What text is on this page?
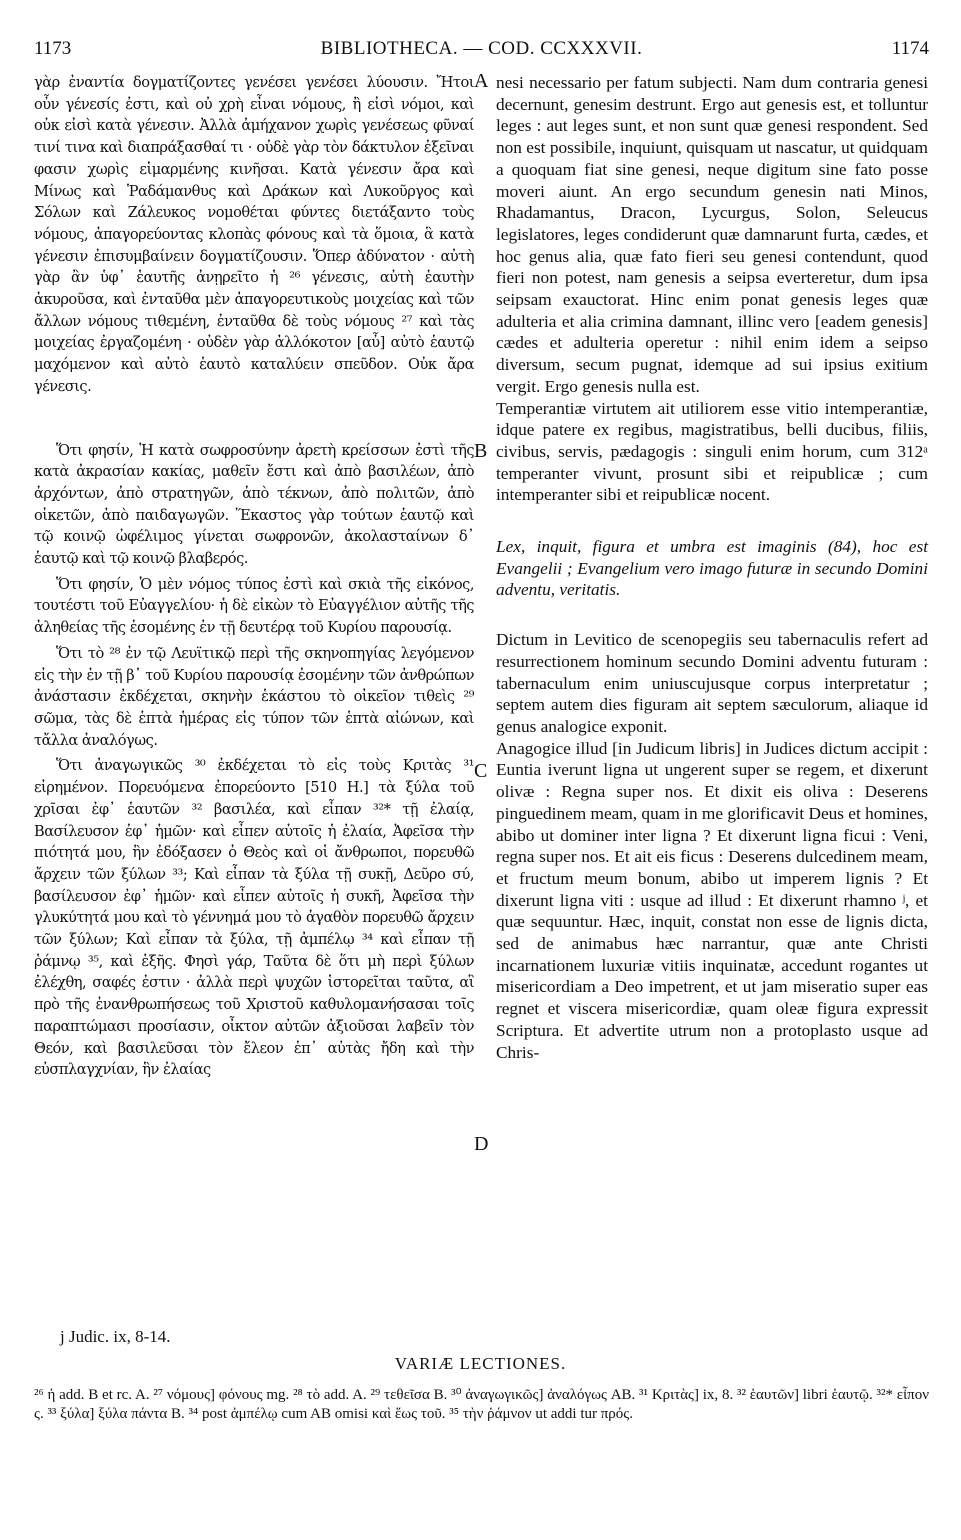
1173	BIBLIOTHECA. — COD. CCXXXVII.	1174

γὰρ ἐναντία δογματίζοντες γενέσει γενέσει λύουσιν. Ἤτοι οὖν γένεσίς ἐστι, καὶ οὐ χρὴ εἶναι νόμους, ἢ εἰσὶ νόμοι, καὶ οὐκ εἰσὶ κατὰ γένεσιν. Ἀλλὰ ἀμήχανον χωρὶς γενέσεως φῦναί τινί τινα καὶ διαπράξασθαί τι · οὐδὲ γὰρ τὸν δάκτυλον ἐξεῖναι φασιν χωρὶς εἱμαρμένης κινῆσαι. Κατὰ γένεσιν ἄρα καὶ Μίνως καὶ Ῥαδάμανθυς καὶ Δράκων καὶ Λυκοῦργος καὶ Σόλων καὶ Ζάλευκος νομοθέται φύντες διετάξαντο τοὺς νόμους, ἀπαγορεύοντας κλοπὰς φόνους καὶ τὰ ὅμοια, ἃ κατὰ γένεσιν ἐπισυμβαίνειν δογματίζουσιν. Ὅπερ ἀδύνατον · αὐτὴ γὰρ ἂν ὑφ᾽ ἑαυτῆς ἀνῃρεῖτο ἡ ²⁶ γένεσις, αὐτὴ ἑαυτὴν ἀκυροῦσα, καὶ ἐνταῦθα μὲν ἀπαγορευτικοὺς μοιχείας καὶ τῶν ἄλλων νόμους τιθεμένη, ἐνταῦθα δὲ τοὺς νόμους ²⁷ καὶ τὰς μοιχείας ἐργαζομένη · οὐδὲν γὰρ ἀλλόκοτον [αὖ] αὐτὸ ἑαυτῷ μαχόμενον καὶ αὐτὸ ἑαυτὸ καταλύειν σπεῦδον. Οὐκ ἄρα γένεσις.

Ὅτι φησίν, Ἡ κατὰ σωφροσύνην ἀρετὴ κρείσσων ἐστὶ τῆς κατὰ ἀκρασίαν κακίας, μαθεῖν ἔστι καὶ ἀπὸ βασιλέων, ἀπὸ ἀρχόντων, ἀπὸ στρατηγῶν, ἀπὸ τέκνων, ἀπὸ πολιτῶν, ἀπὸ οἰκετῶν, ἀπὸ παιδαγωγῶν. Ἕκαστος γὰρ τούτων ἑαυτῷ καὶ τῷ κοινῷ ὠφέλιμος γίνεται σωφρονῶν, ἀκολασταίνων δ᾽ ἑαυτῷ καὶ τῷ κοινῷ βλαβερός.

Ὅτι φησίν, Ὁ μὲν νόμος τύπος ἐστὶ καὶ σκιὰ τῆς εἰκόνος, τουτέστι τοῦ Εὐαγγελίου· ἡ δὲ εἰκὼν τὸ Εὐαγγέλιον αὐτῆς τῆς ἀληθείας τῆς ἐσομένης ἐν τῇ δευτέρᾳ τοῦ Κυρίου παρουσίᾳ.

Ὅτι τὸ ²⁸ ἐν τῷ Λευϊτικῷ περὶ τῆς σκηνοπηγίας λεγόμενον εἰς τὴν ἐν τῇ β᾽ τοῦ Κυρίου παρουσίᾳ ἐσομένην τῶν ἀνθρώπων ἀνάστασιν ἐκδέχεται, σκηνὴν ἑκάστου τὸ οἰκεῖον τιθεὶς ²⁹ σῶμα, τὰς δὲ ἑπτὰ ἡμέρας εἰς τύπον τῶν ἑπτὰ αἰώνων, καὶ τἄλλα ἀναλόγως.

Ὅτι ἀναγωγικῶς ³⁰ ἐκδέχεται τὸ εἰς τοὺς Κριτὰς ³¹ εἰρημένον. Πορευόμενα ἐπορεύοντο [510 H.] τὰ ξύλα τοῦ χρῖσαι ἐφ᾽ ἑαυτῶν ³² βασιλέα, καὶ εἶπαν ³²* τῇ ἐλαίᾳ, Βασίλευσον ἐφ᾽ ἡμῶν· καὶ εἶπεν αὐτοῖς ἡ ἐλαία, Ἀφεῖσα τὴν πιότητά μου, ἣν ἐδόξασεν ὁ Θεὸς καὶ οἱ ἄνθρωποι, πορευθῶ ἄρχειν τῶν ξύλων ³³; Καὶ εἶπαν τὰ ξύλα τῇ συκῇ, Δεῦρο σύ, βασίλευσον ἐφ᾽ ἡμῶν· καὶ εἶπεν αὐτοῖς ἡ συκῆ, Ἀφεῖσα τὴν γλυκύτητά μου καὶ τὸ γέννημά μου τὸ ἀγαθὸν πορευθῶ ἄρχειν τῶν ξύλων; Καὶ εἶπαν τὰ ξύλα, τῇ ἀμπέλῳ ³⁴ καὶ εἶπαν τῇ ῥάμνῳ ³⁵, καὶ ἑξῆς. Φησὶ γάρ, Ταῦτα δὲ ὅτι μὴ περὶ ξύλων ἐλέχθη, σαφές ἐστιν · ἀλλὰ περὶ ψυχῶν ἱστορεῖται ταῦτα, αἳ πρὸ τῆς ἐνανθρωπήσεως τοῦ Χριστοῦ καθυλομανήσασαι τοῖς παραπτώμασι προσίασιν, οἶκτον αὐτῶν ἀξιοῦσαι λαβεῖν τὸν Θεόν, καὶ βασιλεῦσαι τὸν ἔλεον ἐπ᾽ αὐτὰς ἤδη καὶ τὴν εὐσπλαγχνίαν, ἣν ἐλαίας

A
B
C
D

nesi necessario per fatum subjecti. Nam dum contraria genesi decernunt, genesim destrunt. Ergo aut genesis est, et tolluntur leges : aut leges sunt, et non sunt quæ genesi respondent. Sed non est possibile, inquiunt, quisquam ut nascatur, ut quidquam a quoquam fiat sine genesi, neque digitum sine fato posse moveri aiunt. An ergo secundum genesin nati Minos, Rhadamantus, Dracon, Lycurgus, Solon, Seleucus legislatores, leges condiderunt quæ damnarunt furta, cædes, et hoc genus alia, quæ fato fieri seu genesi contendunt, quod fieri non potest, nam genesis a seipsa everteretur, dum ipsa seipsam exauctorat. Hinc enim ponat genesis leges quæ adulteria et alia crimina damnant, illinc vero [eadem genesis] cædes et adulteria operetur : nihil enim idem a seipso diversum, secum pugnat, idemque ad sui ipsius exitium vergit. Ergo genesis nulla est.

Temperantiæ virtutem ait utiliorem esse vitio intemperantiæ, idque patere ex regibus, magistratibus, belli ducibus, filiis, civibus, servis, pædagogis : singuli enim horum, cum 312ᵃ temperanter vivunt, prosunt sibi et reipublicæ ; cum intemperanter sibi et reipublicæ nocent.

Lex, inquit, figura et umbra est imaginis (84), hoc est Evangelii ; Evangelium vero imago futuræ in secundo Domini adventu, veritatis.

Dictum in Levitico de scenopegiis seu tabernaculis refert ad resurrectionem hominum secundo Domini adventu futuram : tabernaculum enim uniuscujusque corpus interpretatur ; septem autem dies figuram ait septem sæculorum, aliaque id genus analogice exponit.

Anagogice illud [in Judicum libris] in Judices dictum accipit : Euntia iverunt ligna ut ungerent super se regem, et dixerunt olivæ : Regna super nos. Et dixit eis oliva : Deserens pinguedinem meam, quam in me glorificavit Deus et homines, abibo ut dominer inter ligna ? Et dixerunt ligna ficui : Veni, regna super nos. Et ait eis ficus : Deserens dulcedinem meam, et fructum meum bonum, abibo ut imperem lignis ? Et dixerunt ligna viti : usque ad illud : Et dixerunt rhamno ʲ, et quæ sequuntur. Hæc, inquit, constat non esse de lignis dicta, sed de animabus hæc narrantur, quæ ante Christi incarnationem luxuriæ vitiis inquinatæ, accedunt rogantes ut misericordiam a Deo impetrent, et ut jam miseratio super eas regnet et viscera misericordiæ, quam oleæ figura expressit Scriptura. Et advertite utrum non a protoplasto usque ad Chris-

j Judic. ix, 8-14.
VARIÆ LECTIONES.
²⁶ ἡ add. B et rc. A. ²⁷ νόμους] φόνους mg. ²⁸ τὸ add. A. ²⁹ τεθεῖσα B. ³⁰ ἀναγωγικῶς] ἀναλόγως AB. ³¹ Κριτὰς] ix, 8. ³² ἑαυτῶν] libri ἑαυτῷ. ³²* εἶπον ς. ³³ ξύλα] ξύλα πάντα B. ³⁴ post ἀμπέλῳ cum AB omisi καὶ ἕως τοῦ. ³⁵ τὴν ῥάμνον ut addi tur πρός.
